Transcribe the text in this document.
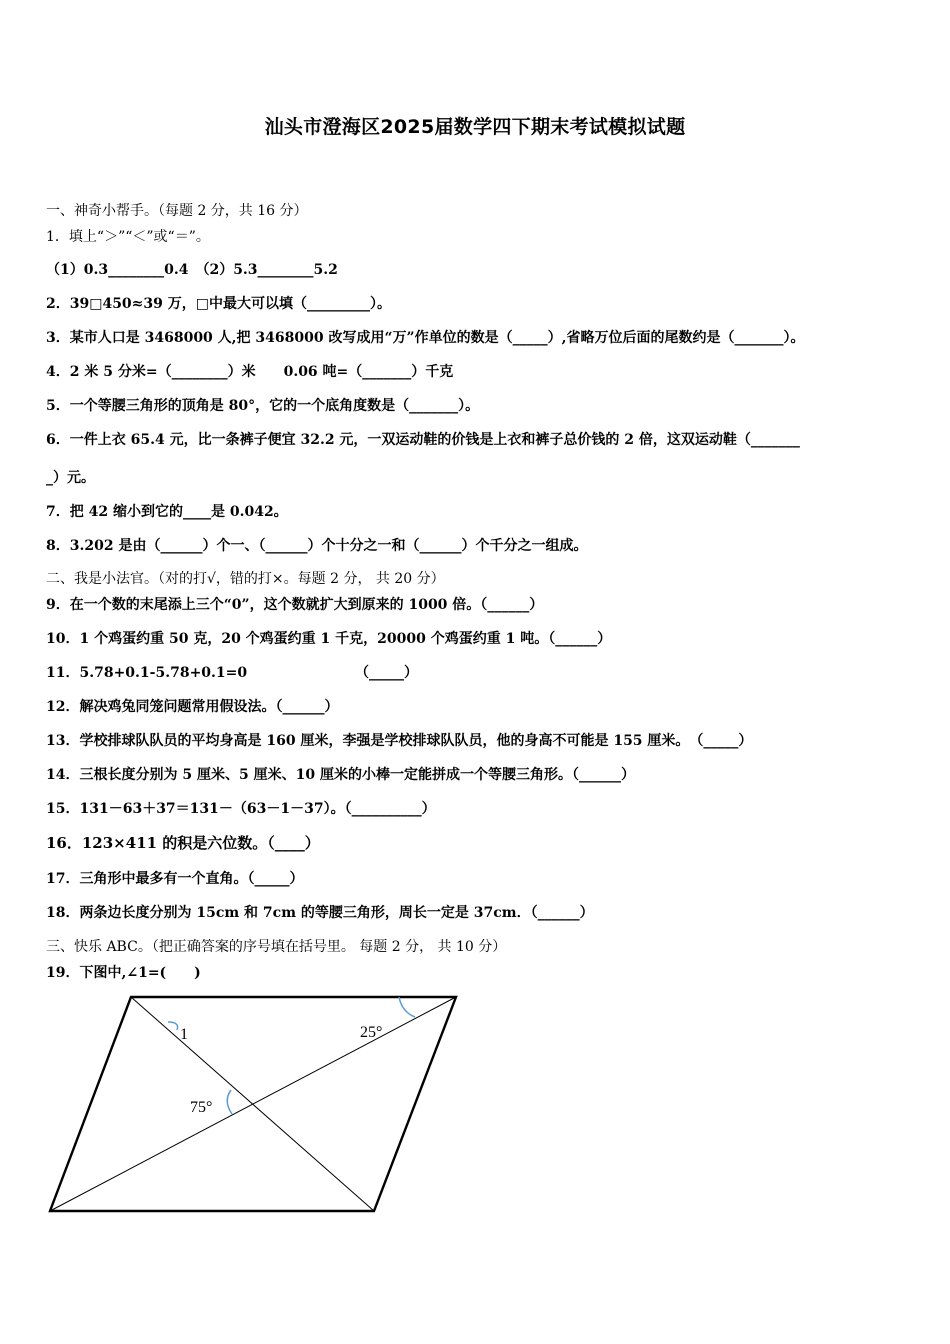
汕头市澄海区2025届数学四下期末考试模拟试题
一、神奇小帮手。（每题 2 分，共 16 分）
1．填上“＞”“＜”或“＝”。
（1）0.3________0.4　（2）5.3________5.2
2．39□450≈39 万，□中最大可以填（_________）。
3．某市人口是 3468000 人,把 3468000 改写成用“万”作单位的数是（_____）,省略万位后面的尾数约是（_______）。
4．2 米 5 分米=（________）米　　0.06 吨=（_______）千克
5．一个等腰三角形的顶角是 80°，它的一个底角度数是（_______）。
6．一件上衣 65.4 元，比一条裤子便宜 32.2 元，一双运动鞋的价钱是上衣和裤子总价钱的 2 倍，这双运动鞋（_______
_）元。
7．把 42 缩小到它的____是 0.042。
8．3.202 是由（______）个一、（______）个十分之一和（______）个千分之一组成。
二、我是小法官。（对的打√，错的打×。每题 2 分， 共 20 分）
9．在一个数的末尾添上三个“0”，这个数就扩大到原来的 1000 倍。（______）
10．1 个鸡蛋约重 50 克，20 个鸡蛋约重 1 千克，20000 个鸡蛋约重 1 吨。（______）
11．5.78+0.1-5.78+0.1=0	（_____）
12．解决鸡兔同笼问题常用假设法。（______）
13．学校排球队队员的平均身高是 160 厘米，李强是学校排球队队员，他的身高不可能是 155 厘米。　（_____）
14．三根长度分别为 5 厘米、5 厘米、10 厘米的小棒一定能拼成一个等腰三角形。（______）
15．131－63＋37＝131－（63－1－37）。（__________）
16．123×411 的积是六位数。（____）
17．三角形中最多有一个直角。（_____）
18．两条边长度分别为 15cm 和 7cm 的等腰三角形，周长一定是 37cm．（______）
三、快乐 ABC。（把正确答案的序号填在括号里。 每题 2 分， 共 10 分）
19．下图中,∠1=(　　)
1	25°
75°
